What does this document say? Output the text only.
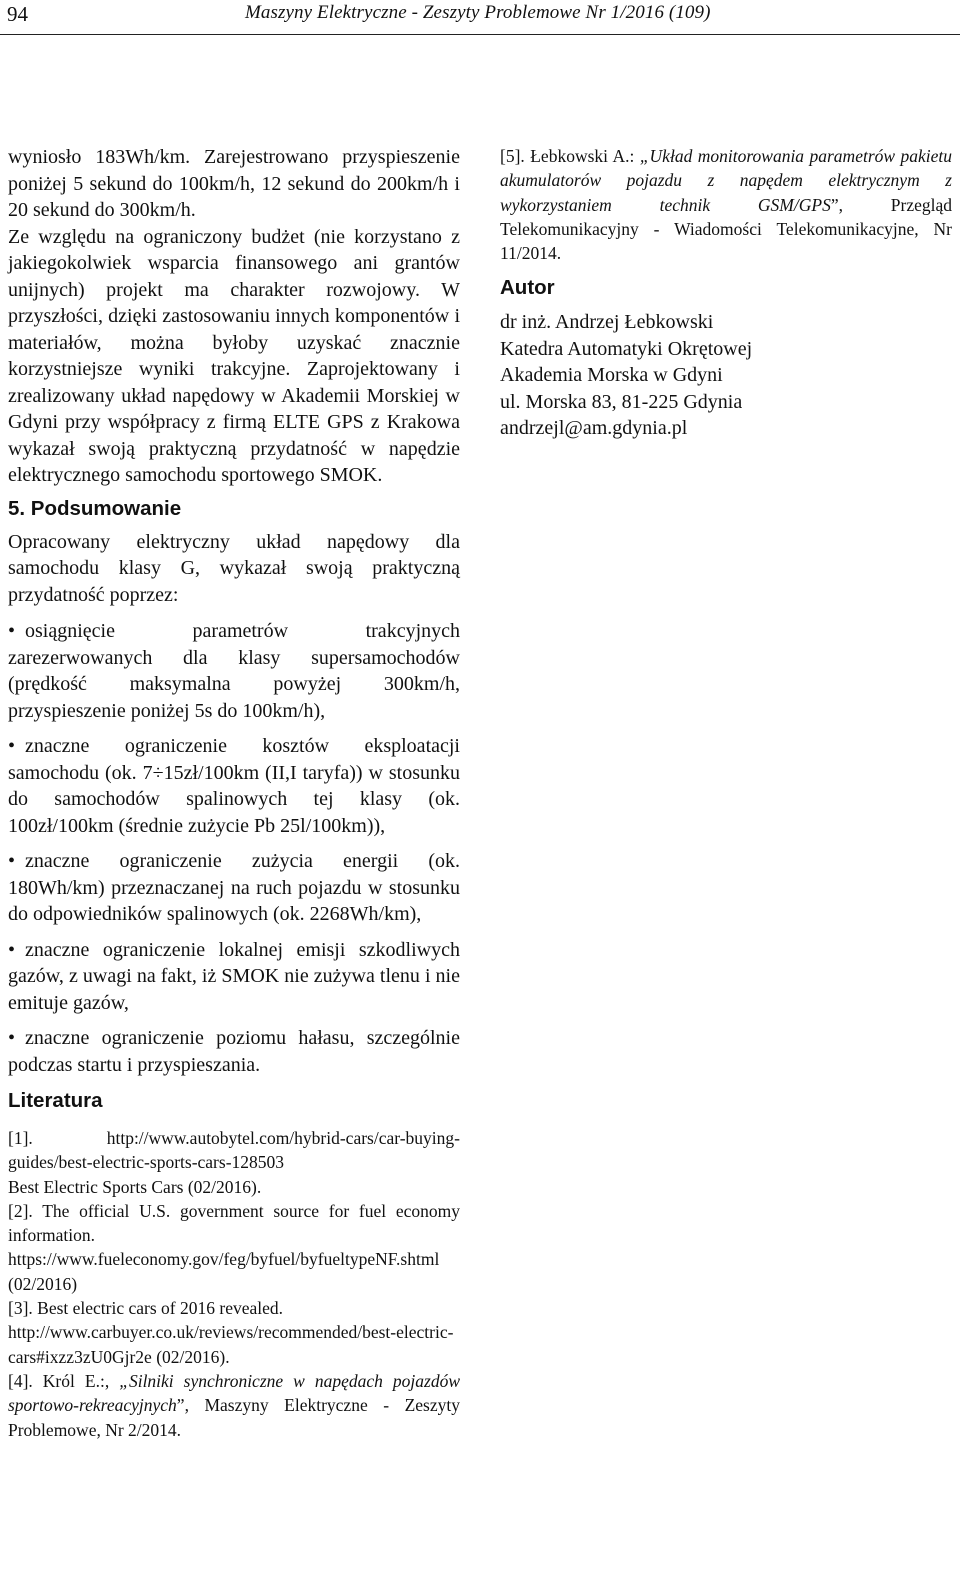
94	Maszyny Elektryczne - Zeszyty Problemowe Nr 1/2016 (109)

wyniosło 183Wh/km. Zarejestrowano przyspieszenie poniżej 5 sekund do 100km/h, 12 sekund do 200km/h i 20 sekund do 300km/h.

Ze względu na ograniczony budżet (nie korzystano z jakiegokolwiek wsparcia finansowego ani grantów unijnych) projekt ma charakter rozwojowy. W przyszłości, dzięki zastosowaniu innych komponentów i materiałów, można byłoby uzyskać znacznie korzystniejsze wyniki trakcyjne. Zaprojektowany i zrealizowany układ napędowy w Akademii Morskiej w Gdyni przy współpracy z firmą ELTE GPS z Krakowa wykazał swoją praktyczną przydatność w napędzie elektrycznego samochodu sportowego SMOK.

5. Podsumowanie

Opracowany elektryczny układ napędowy dla samochodu klasy G, wykazał swoją praktyczną przydatność poprzez:

• osiągnięcie parametrów trakcyjnych zarezerwowanych dla klasy supersamochodów (prędkość maksymalna powyżej 300km/h, przyspieszenie poniżej 5s do 100km/h),
• znaczne ograniczenie kosztów eksploatacji samochodu (ok. 7÷15zł/100km (II,I taryfa)) w stosunku do samochodów spalinowych tej klasy (ok. 100zł/100km (średnie zużycie Pb 25l/100km)),
• znaczne ograniczenie zużycia energii (ok. 180Wh/km) przeznaczanej na ruch pojazdu w stosunku do odpowiedników spalinowych (ok. 2268Wh/km),
• znaczne ograniczenie lokalnej emisji szkodliwych gazów, z uwagi na fakt, iż SMOK nie zużywa tlenu i nie emituje gazów,
• znaczne ograniczenie poziomu hałasu, szczególnie podczas startu i przyspieszania.
Literatura

[1].	http://www.autobytel.com/hybrid-cars/car-buying-guides/best-electric-sports-cars-128503
Best Electric Sports Cars (02/2016).

[2]. The official U.S. government source for fuel economy information.
https://www.fueleconomy.gov/feg/byfuel/byfueltypeNF.shtml (02/2016)

[3]. Best electric cars of 2016 revealed.
http://www.carbuyer.co.uk/reviews/recommended/best-electric-cars#ixzz3zU0Gjr2e (02/2016).

[4]. Król E.:, „Silniki synchroniczne w napędach pojazdów sportowo-rekreacyjnych”, Maszyny Elektryczne - Zeszyty Problemowe, Nr 2/2014.

[5]. Łebkowski A.: „Układ monitorowania parametrów pakietu akumulatorów pojazdu z napędem elektrycznym z wykorzystaniem technik GSM/GPS”, Przegląd Telekomunikacyjny - Wiadomości Telekomunikacyjne, Nr 11/2014.

Autor
dr inż. Andrzej Łebkowski
Katedra Automatyki Okrętowej
Akademia Morska w Gdyni
ul. Morska 83, 81-225 Gdynia
andrzejl@am.gdynia.pl
